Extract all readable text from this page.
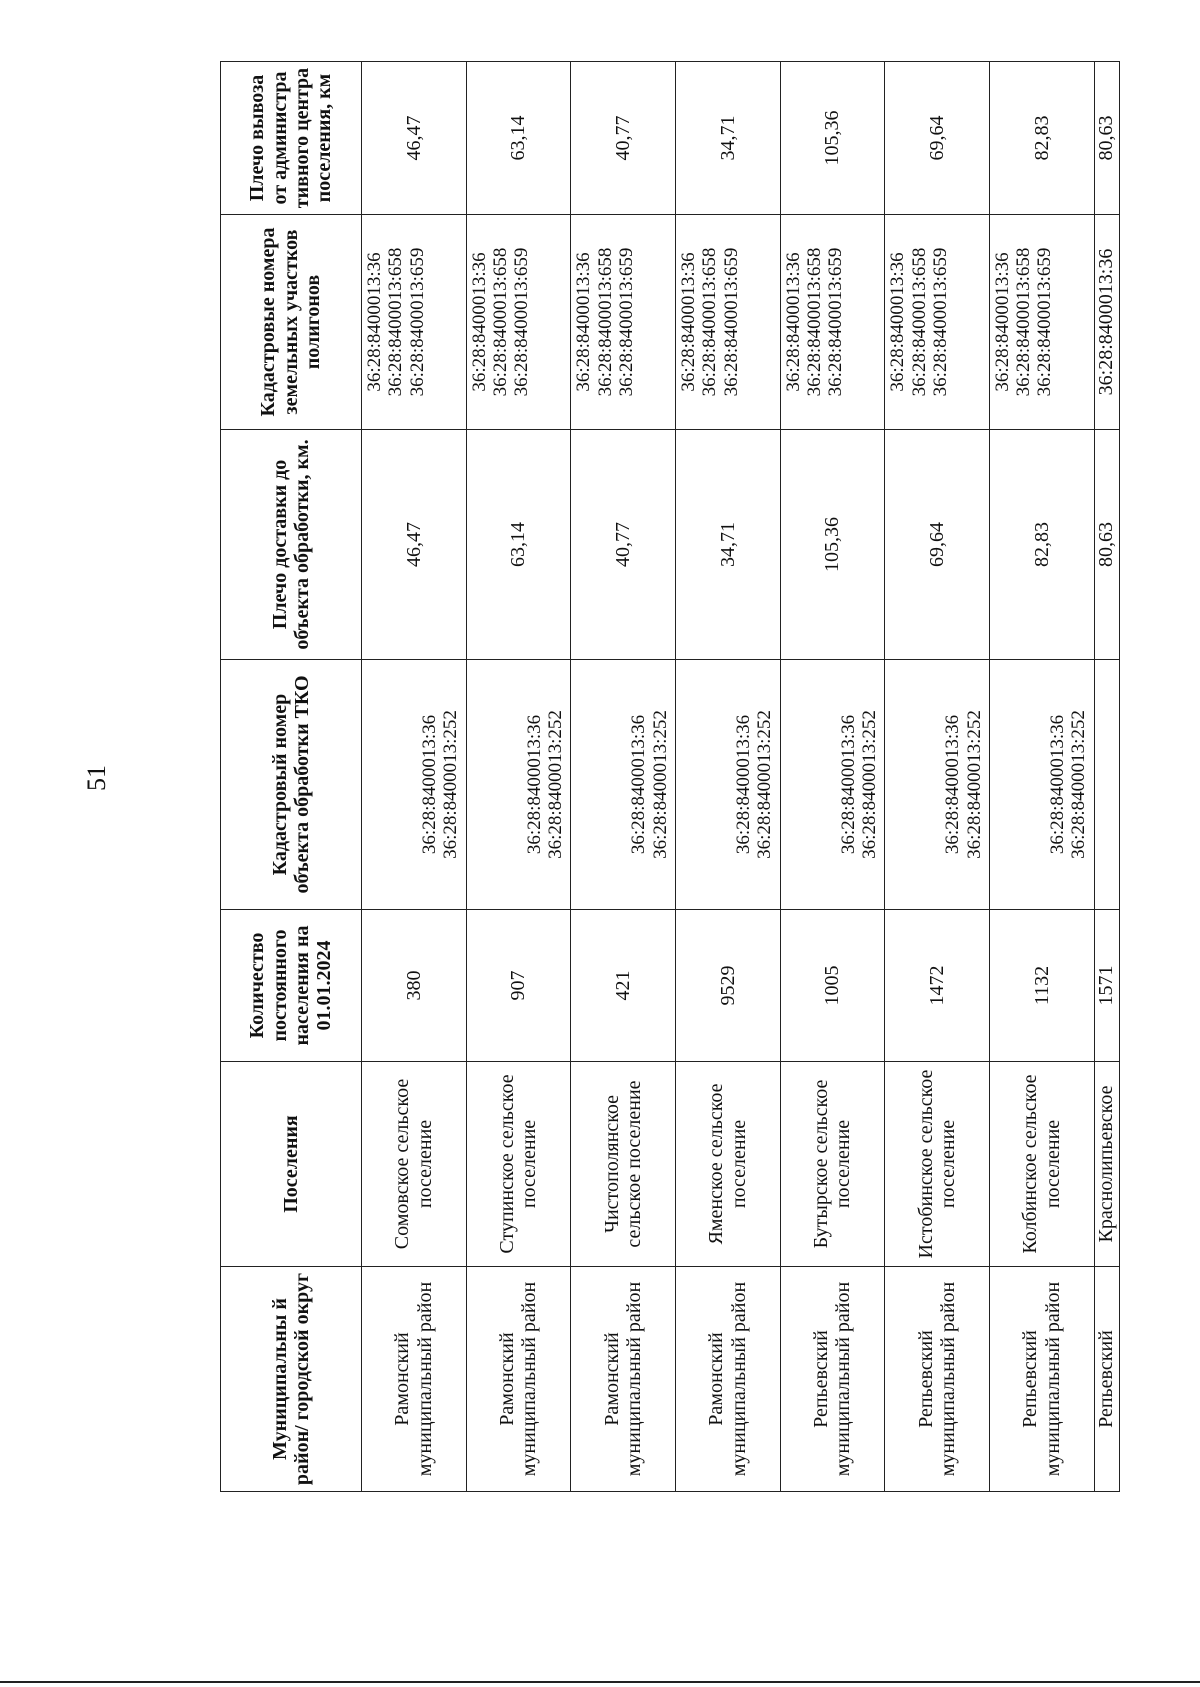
51
Муниципальны й район/ городской округ	Поселения	Количество постоянного населения на 01.01.2024	Кадастровый номер объекта обработки ТКО	Плечо доставки до объекта обработки, км.	Кадастровые номера земельных участков полигонов	Плечо вывоза от администра тивного центра поселения, км
Рамонский муниципальный район	Сомовское сельское поселение	380	36:28:8400013:36 36:28:8400013:252	46,47	36:28:8400013:36 36:28:8400013:658 36:28:8400013:659	46,47
Рамонский муниципальный район	Ступинское сельское поселение	907	36:28:8400013:36 36:28:8400013:252	63,14	36:28:8400013:36 36:28:8400013:658 36:28:8400013:659	63,14
Рамонский муниципальный район	Чистополянское сельское поселение	421	36:28:8400013:36 36:28:8400013:252	40,77	36:28:8400013:36 36:28:8400013:658 36:28:8400013:659	40,77
Рамонский муниципальный район	Яменское сельское поселение	9529	36:28:8400013:36 36:28:8400013:252	34,71	36:28:8400013:36 36:28:8400013:658 36:28:8400013:659	34,71
Репьевский муниципальный район	Бутырское сельское поселение	1005	36:28:8400013:36 36:28:8400013:252	105,36	36:28:8400013:36 36:28:8400013:658 36:28:8400013:659	105,36
Репьевский муниципальный район	Истобинское сельское поселение	1472	36:28:8400013:36 36:28:8400013:252	69,64	36:28:8400013:36 36:28:8400013:658 36:28:8400013:659	69,64
Репьевский муниципальный район	Колбинское сельское поселение	1132	36:28:8400013:36 36:28:8400013:252	82,83	36:28:8400013:36 36:28:8400013:658 36:28:8400013:659	82,83
Репьевский	Краснолипьевское	1571		80,63	36:28:8400013:36	80,63
